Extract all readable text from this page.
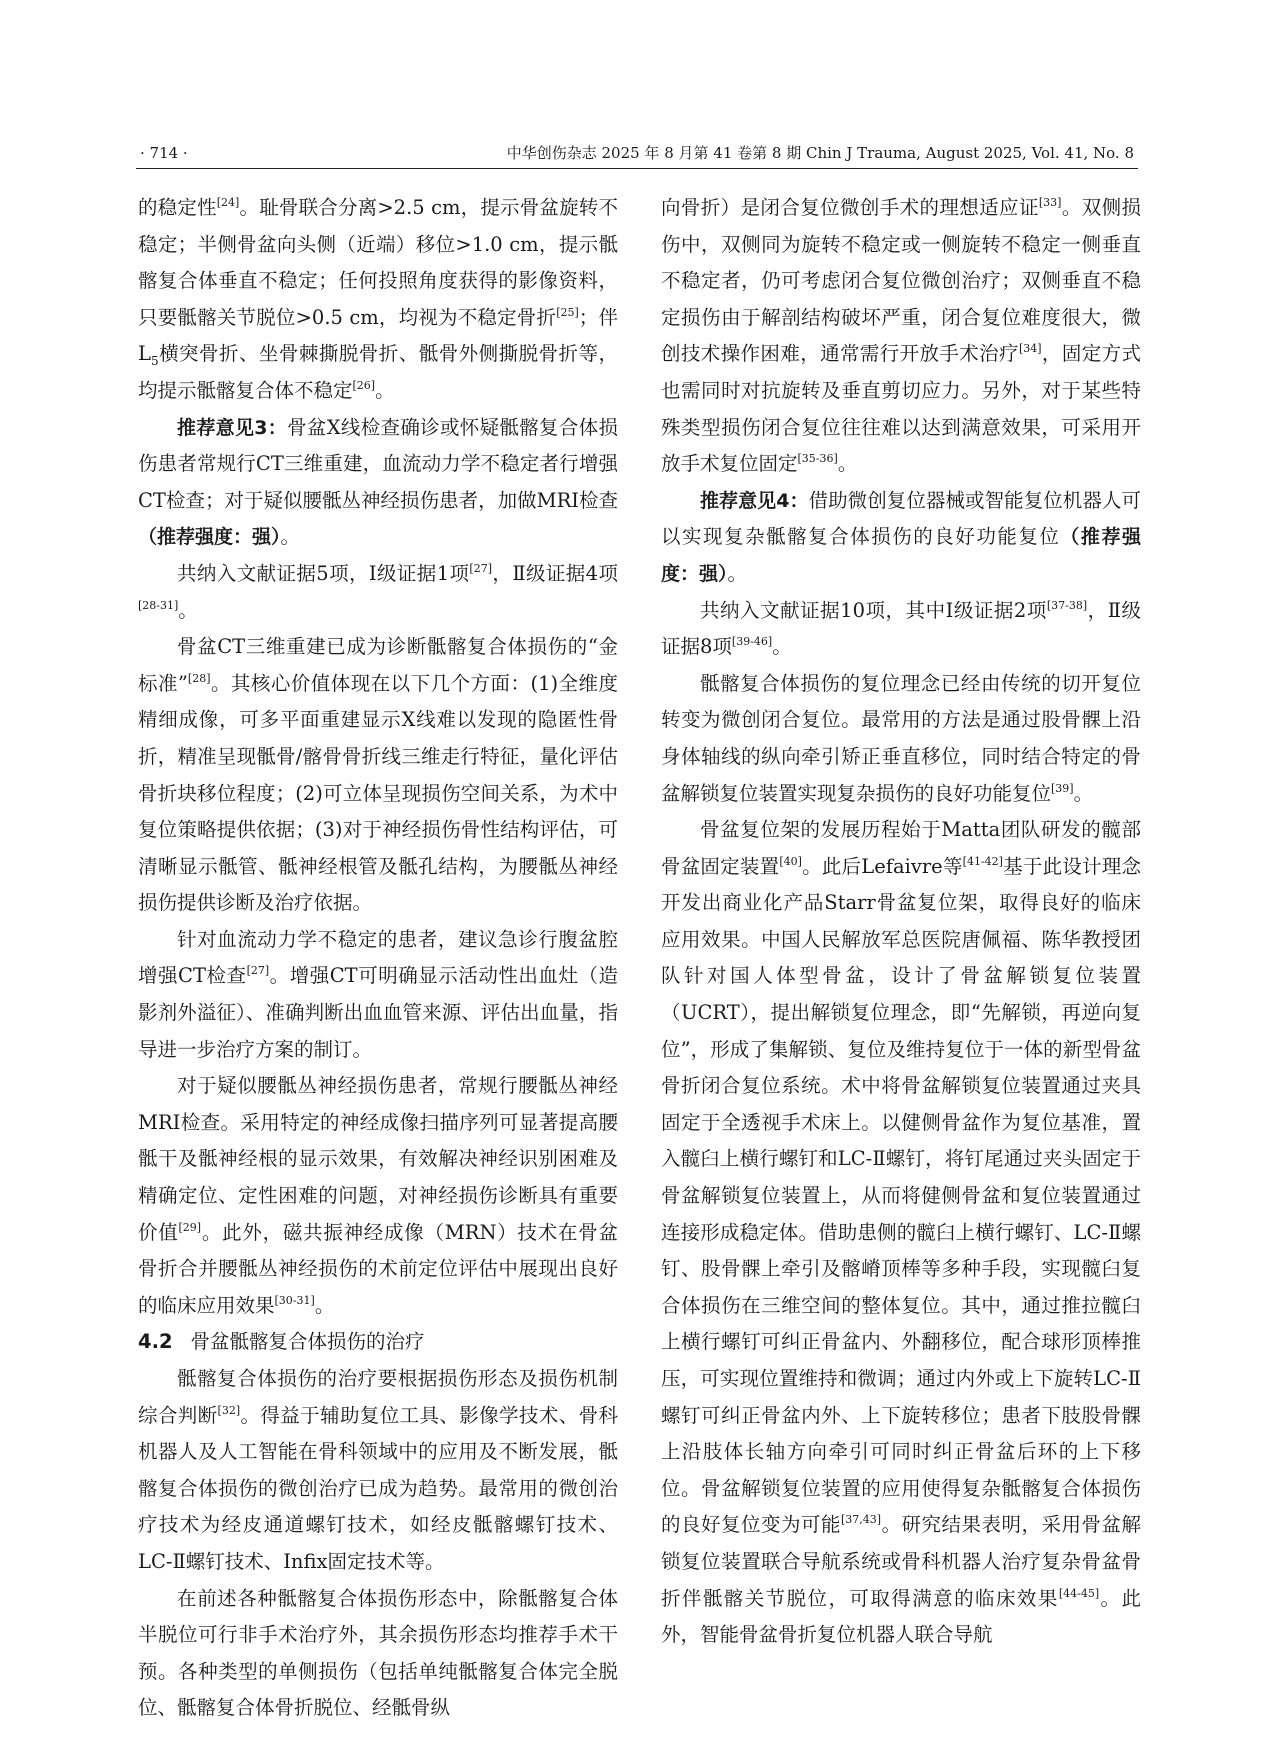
· 714 ·	中华创伤杂志 2025 年 8 月第 41 卷第 8 期 Chin J Trauma, August 2025, Vol. 41, No. 8

的稳定性[24]。耻骨联合分离>2.5 cm，提示骨盆旋转不稳定；半侧骨盆向头侧（近端）移位>1.0 cm，提示骶髂复合体垂直不稳定；任何投照角度获得的影像资料，只要骶髂关节脱位>0.5 cm，均视为不稳定骨折[25]；伴$L_5$横突骨折、坐骨棘撕脱骨折、骶骨外侧撕脱骨折等，均提示骶髂复合体不稳定[26]。

推荐意见3：骨盆X线检查确诊或怀疑骶髂复合体损伤患者常规行CT三维重建，血流动力学不稳定者行增强CT检查；对于疑似腰骶丛神经损伤患者，加做MRI检查（推荐强度：强）。

共纳入文献证据5项，Ⅰ级证据1项[27]，Ⅱ级证据4项[28-31]。

骨盆CT三维重建已成为诊断骶髂复合体损伤的“金标准”[28]。其核心价值体现在以下几个方面：(1)全维度精细成像，可多平面重建显示X线难以发现的隐匿性骨折，精准呈现骶骨/髂骨骨折线三维走行特征，量化评估骨折块移位程度；(2)可立体呈现损伤空间关系，为术中复位策略提供依据；(3)对于神经损伤骨性结构评估，可清晰显示骶管、骶神经根管及骶孔结构，为腰骶丛神经损伤提供诊断及治疗依据。

针对血流动力学不稳定的患者，建议急诊行腹盆腔增强CT检查[27]。增强CT可明确显示活动性出血灶（造影剂外溢征）、准确判断出血血管来源、评估出血量，指导进一步治疗方案的制订。

对于疑似腰骶丛神经损伤患者，常规行腰骶丛神经MRI检查。采用特定的神经成像扫描序列可显著提高腰骶干及骶神经根的显示效果，有效解决神经识别困难及精确定位、定性困难的问题，对神经损伤诊断具有重要价值[29]。此外，磁共振神经成像（MRN）技术在骨盆骨折合并腰骶丛神经损伤的术前定位评估中展现出良好的临床应用效果[30-31]。

4.2 骨盆骶髂复合体损伤的治疗

骶髂复合体损伤的治疗要根据损伤形态及损伤机制综合判断[32]。得益于辅助复位工具、影像学技术、骨科机器人及人工智能在骨科领域中的应用及不断发展，骶髂复合体损伤的微创治疗已成为趋势。最常用的微创治疗技术为经皮通道螺钉技术，如经皮骶髂螺钉技术、LC-Ⅱ螺钉技术、Infix固定技术等。

在前述各种骶髂复合体损伤形态中，除骶髂复合体半脱位可行非手术治疗外，其余损伤形态均推荐手术干预。各种类型的单侧损伤（包括单纯骶髂复合体完全脱位、骶髂复合体骨折脱位、经骶骨纵

向骨折）是闭合复位微创手术的理想适应证[33]。双侧损伤中，双侧同为旋转不稳定或一侧旋转不稳定一侧垂直不稳定者，仍可考虑闭合复位微创治疗；双侧垂直不稳定损伤由于解剖结构破坏严重，闭合复位难度很大，微创技术操作困难，通常需行开放手术治疗[34]，固定方式也需同时对抗旋转及垂直剪切应力。另外，对于某些特殊类型损伤闭合复位往往难以达到满意效果，可采用开放手术复位固定[35-36]。

推荐意见4：借助微创复位器械或智能复位机器人可以实现复杂骶髂复合体损伤的良好功能复位（推荐强度：强）。

共纳入文献证据10项，其中Ⅰ级证据2项[37-38]，Ⅱ级证据8项[39-46]。

骶髂复合体损伤的复位理念已经由传统的切开复位转变为微创闭合复位。最常用的方法是通过股骨髁上沿身体轴线的纵向牵引矫正垂直移位，同时结合特定的骨盆解锁复位装置实现复杂损伤的良好功能复位[39]。

骨盆复位架的发展历程始于Matta团队研发的髋部骨盆固定装置[40]。此后Lefaivre等[41-42]基于此设计理念开发出商业化产品Starr骨盆复位架，取得良好的临床应用效果。中国人民解放军总医院唐佩福、陈华教授团队针对国人体型骨盆，设计了骨盆解锁复位装置（UCRT），提出解锁复位理念，即“先解锁，再逆向复位”，形成了集解锁、复位及维持复位于一体的新型骨盆骨折闭合复位系统。术中将骨盆解锁复位装置通过夹具固定于全透视手术床上。以健侧骨盆作为复位基准，置入髋臼上横行螺钉和LC-Ⅱ螺钉，将钉尾通过夹头固定于骨盆解锁复位装置上，从而将健侧骨盆和复位装置通过连接形成稳定体。借助患侧的髋臼上横行螺钉、LC-Ⅱ螺钉、股骨髁上牵引及髂嵴顶棒等多种手段，实现髋臼复合体损伤在三维空间的整体复位。其中，通过推拉髋臼上横行螺钉可纠正骨盆内、外翻移位，配合球形顶棒推压，可实现位置维持和微调；通过内外或上下旋转LC-Ⅱ螺钉可纠正骨盆内外、上下旋转移位；患者下肢股骨髁上沿肢体长轴方向牵引可同时纠正骨盆后环的上下移位。骨盆解锁复位装置的应用使得复杂骶髂复合体损伤的良好复位变为可能[37,43]。研究结果表明，采用骨盆解锁复位装置联合导航系统或骨科机器人治疗复杂骨盆骨折伴骶髂关节脱位，可取得满意的临床效果[44-45]。此外，智能骨盆骨折复位机器人联合导航
